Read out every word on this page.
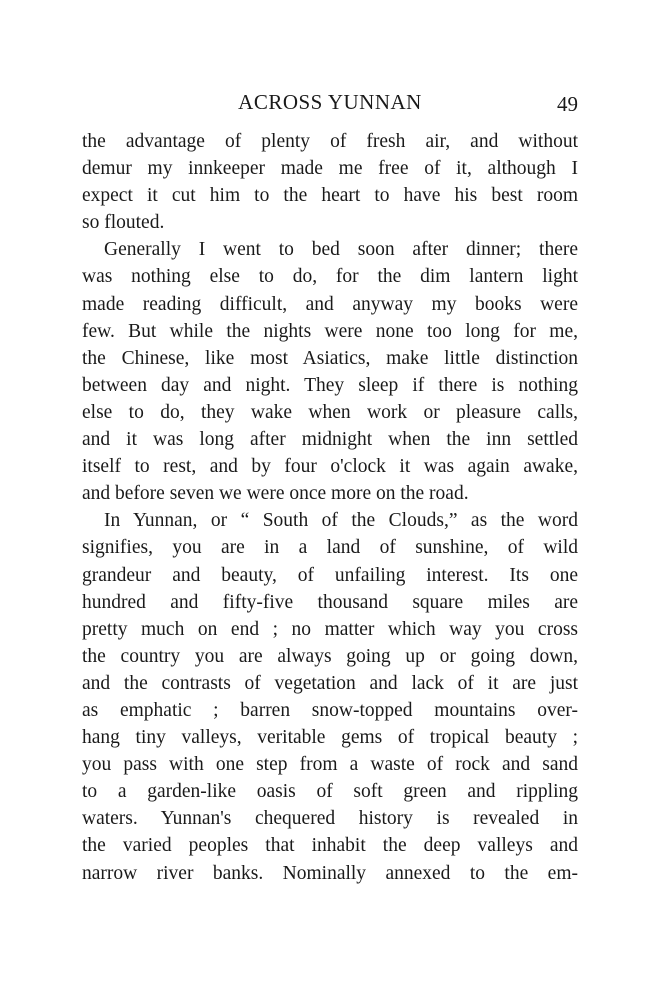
ACROSS YUNNAN	49
the advantage of plenty of fresh air, and without
demur my innkeeper made me free of it, although I
expect it cut him to the heart to have his best room
so flouted.
Generally I went to bed soon after dinner; there
was nothing else to do, for the dim lantern light
made reading difficult, and anyway my books were
few. But while the nights were none too long for me,
the Chinese, like most Asiatics, make little distinction
between day and night. They sleep if there is nothing
else to do, they wake when work or pleasure calls,
and it was long after midnight when the inn settled
itself to rest, and by four o'clock it was again awake,
and before seven we were once more on the road.
In Yunnan, or “ South of the Clouds,” as the word
signifies, you are in a land of sunshine, of wild
grandeur and beauty, of unfailing interest. Its one
hundred and fifty-five thousand square miles are
pretty much on end ; no matter which way you cross
the country you are always going up or going down,
and the contrasts of vegetation and lack of it are just
as emphatic ; barren snow-topped mountains over-
hang tiny valleys, veritable gems of tropical beauty ;
you pass with one step from a waste of rock and sand
to a garden-like oasis of soft green and rippling
waters. Yunnan's chequered history is revealed in
the varied peoples that inhabit the deep valleys and
narrow river banks. Nominally annexed to the em-
